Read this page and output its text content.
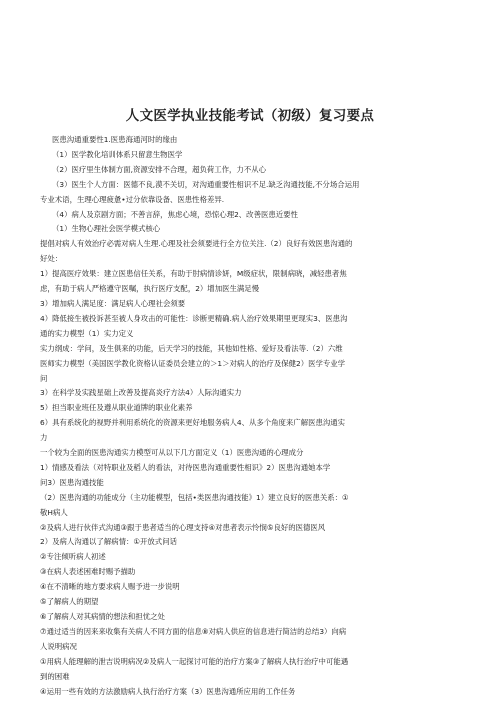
人文医学执业技能考试（初级）复习要点
医患沟通重要性1.医患海通河时的缘由
（1）医学教化培训体系只留意生物医学
（2）医疗里生体制方面,资源安排不合理，超负荷工作，力不从心
（3）医生个人方面：医德不良,漠不关切，对沟通重要性相识不足.缺乏沟通技能,不分场合运用
专业术语，生理心理疲惫•过分依靠设备、医患性格差异.
（4）病人及京剧方面；不善言辞，焦虑心境，恐惊心理2、改善医患近要性
（1）生物心理社会医学模式核心
提倡对病人有效治疗必需对病人生理.心理及社会须要进行全方位关注.（2）良好有效医患沟通的
好处：
1）提高医疗效果：建立医患信任关系，有助于肘病情诊妍，M级症状，限制病晓，减轻患者焦
虑，有助于病人严格遵守医嘱，执行医疗支配，2）增加医生满足慢
3）增加病人满足度：满足病人心理社会须要
4）降低接生被投诉甚至被人身攻击的可能性：诊断更精确.病人治疗效果期里更现实3、医患沟
通的实力模型（1）实力定义
实力纲成：学问，及生俱来的功能，后天学习的技能，其他如性格、爱好及看法等.（2）六维
医师实力模型（美国医学教化资格认证委员会建立的＞1＞对病人的治疗及保健2）医学专业学
问
3）在科学及实践星础上改善及提高炎疗方法4）人际沟通实力
5）担当职业班任及遵从职业道牌的职业化素养
6）具有系统化的视野并利用系统化的资源来更好地服务病人4、从多个角度来广解医患沟通实
力
一个较为全面的医患沟通实力模型可从以下几方面定义（1）医患沟通的心理成分
1）情感及看法（对特职业及稻人的看法，对待医患沟通重要性相识》2）医患沟通她本学
问3）医患沟通技能
（2）医患沟通的功能成分（主功能模型，包括•类医患沟通技能》1）建立良好的医患关系：①
敬H病人
②及病人进行伙伴式沟通③跟于患者适当的心理支持④对患者表示怜悯⑤良好的医德医风
2）及病人沟通以了解病情：①开放式问话
②专注倾听病人初述
③在病人表述困难时赐予描助
④在不清晰的地方要求病人赐予进一步说明
⑤了解病人的期望
⑥了解病人对其病情的想法和担忧之处
⑦通过适当的因来来收集有关病人不同方面的信息⑧对病人供应的信息进行简洁的总结3）向病
人说明病况
①用病人能理解的泄吉说明病况②及病人一起探讨可能的治疗方案③了解病人执行治疗中可能遇
到的困难
④运用一些有效的方法激励病人执行治疗方案（3）医患沟通所应用的工作任务
